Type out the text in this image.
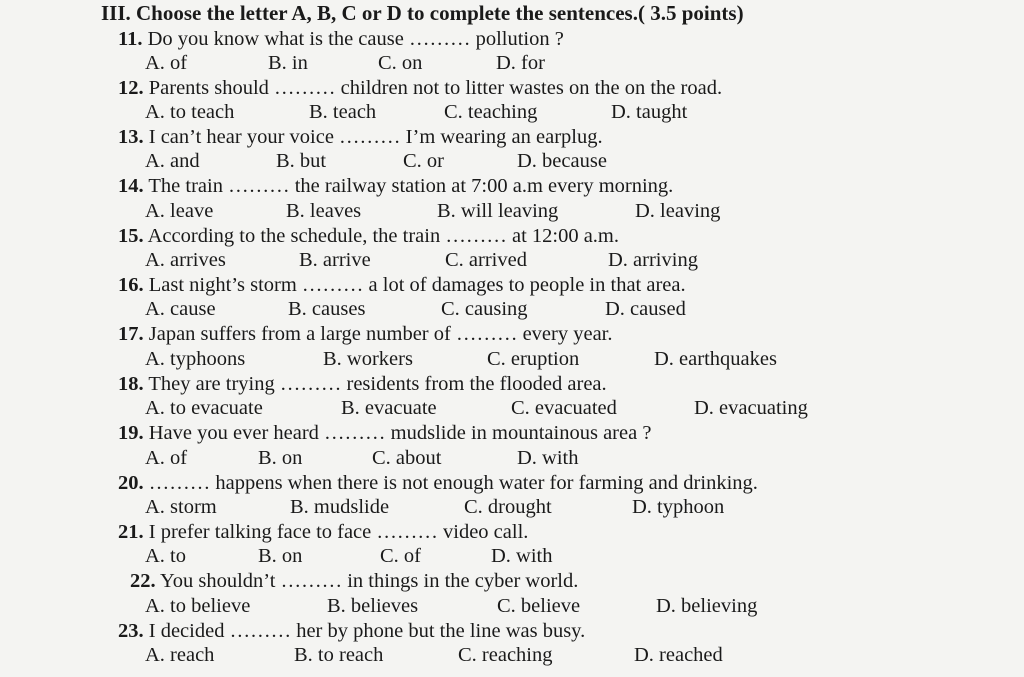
III. Choose the letter A, B, C or D to complete the sentences.( 3.5 points)
11. Do you know what is the cause ……… pollution ?
A. of	B. in	C. on	D. for
12. Parents should ……… children not to litter wastes on the on the road.
A. to teach	B. teach	C. teaching	D. taught
13. I can’t hear your voice ……… I’m wearing an earplug.
A. and	B. but	C. or	D. because
14. The train ……… the railway station at 7:00 a.m every morning.
A. leave	B. leaves	B. will leaving	D. leaving
15. According to the schedule, the train ……… at 12:00 a.m.
A. arrives	B. arrive	C. arrived	D. arriving
16. Last night’s storm ……… a lot of damages to people in that area.
A. cause	B. causes	C. causing	D. caused
17. Japan suffers from a large number of ……… every year.
A. typhoons	B. workers	C. eruption	D. earthquakes
18. They are trying ……… residents from the flooded area.
A. to evacuate	B. evacuate	C. evacuated	D. evacuating
19. Have you ever heard ……… mudslide in mountainous area ?
A. of	B. on	C. about	D. with
20. ……… happens when there is not enough water for farming and drinking.
A. storm	B. mudslide	C. drought	D. typhoon
21. I prefer talking face to face ……… video call.
A. to	B. on	C. of	D. with
22. You shouldn’t ……… in things in the cyber world.
A. to believe	B. believes	C. believe	D. believing
23. I decided ……… her by phone but the line was busy.
A. reach	B. to reach	C. reaching	D. reached
